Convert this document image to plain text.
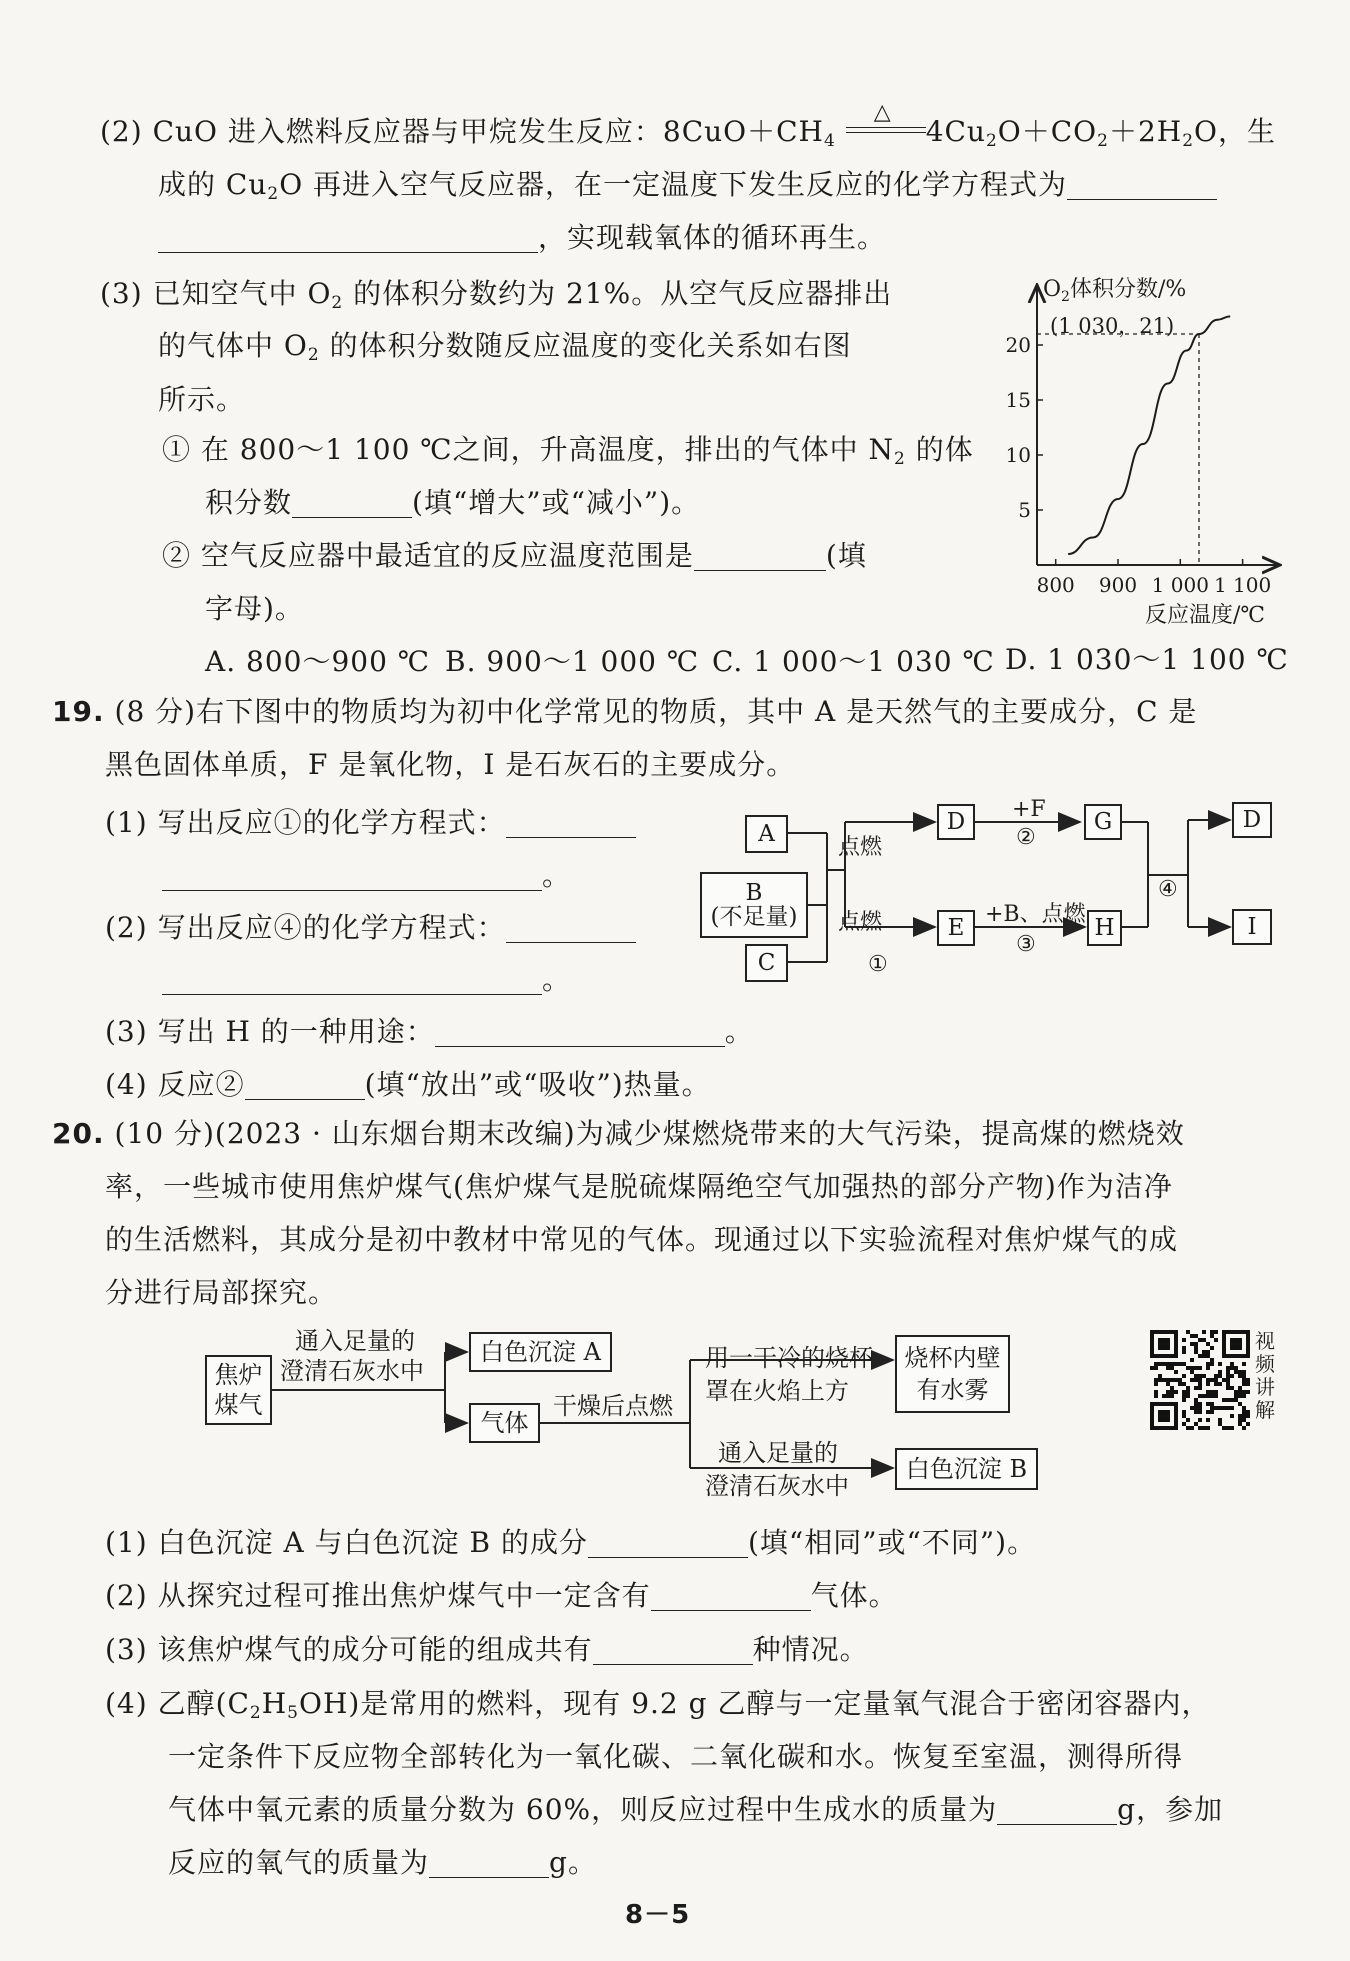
(2) CuO 进入燃料反应器与甲烷发生反应：$8CuO+CH_4$
△
$4Cu_2O+CO_2+2H_2O$，生
成的 $Cu_2O$ 再进入空气反应器，在一定温度下发生反应的化学方程式为
，实现载氧体的循环再生。
(3) 已知空气中 $O_2$ 的体积分数约为 21%。从空气反应器排出
的气体中 $O_2$ 的体积分数随反应温度的变化关系如右图
所示。
① 在 800～1 100 ℃之间，升高温度，排出的气体中 $N_2$ 的体
积分数	(填“增大”或“减小”)。
② 空气反应器中最适宜的反应温度范围是	(填
字母)。
A. 800～900 ℃ B. 900～1 000 ℃ C. 1 000～1 030 ℃ D. 1 030～1 100 ℃
$O_2$体积分数/%
(1 030，21)
5
10
15
20
800 900 1 000 1 100
反应温度/℃
19. (8 分)右下图中的物质均为初中化学常见的物质，其中 A 是天然气的主要成分，C 是
黑色固体单质，F 是氧化物，I 是石灰石的主要成分。
(1) 写出反应①的化学方程式：
。
(2) 写出反应④的化学方程式：
。
(3) 写出 H 的一种用途：	。
(4) 反应②	(填“放出”或“吸收”)热量。
A
B
(不足量)
C
D
E
G
H
D
I
点燃
点燃
①
+F
②
+B、点燃
③
④
20. (10 分)(2023 · 山东烟台期末改编)为减少煤燃烧带来的大气污染，提高煤的燃烧效
率，一些城市使用焦炉煤气(焦炉煤气是脱硫煤隔绝空气加强热的部分产物)作为洁净
的生活燃料，其成分是初中教材中常见的气体。现通过以下实验流程对焦炉煤气的成
分进行局部探究。
焦炉
煤气
通入足量的
澄清石灰水中
白色沉淀 A
气体
干燥后点燃
用一干冷的烧杯
罩在火焰上方
烧杯内壁
有水雾
通入足量的
澄清石灰水中
白色沉淀 B
视
频
讲
解
(1) 白色沉淀 A 与白色沉淀 B 的成分	(填“相同”或“不同”)。
(2) 从探究过程可推出焦炉煤气中一定含有	气体。
(3) 该焦炉煤气的成分可能的组成共有	种情况。
(4) 乙醇$(C_2H_5OH)$是常用的燃料，现有 9.2 g 乙醇与一定量氧气混合于密闭容器内，
一定条件下反应物全部转化为一氧化碳、二氧化碳和水。恢复至室温，测得所得
气体中氧元素的质量分数为 60%，则反应过程中生成水的质量为	g，参加
反应的氧气的质量为	g。
8－5
